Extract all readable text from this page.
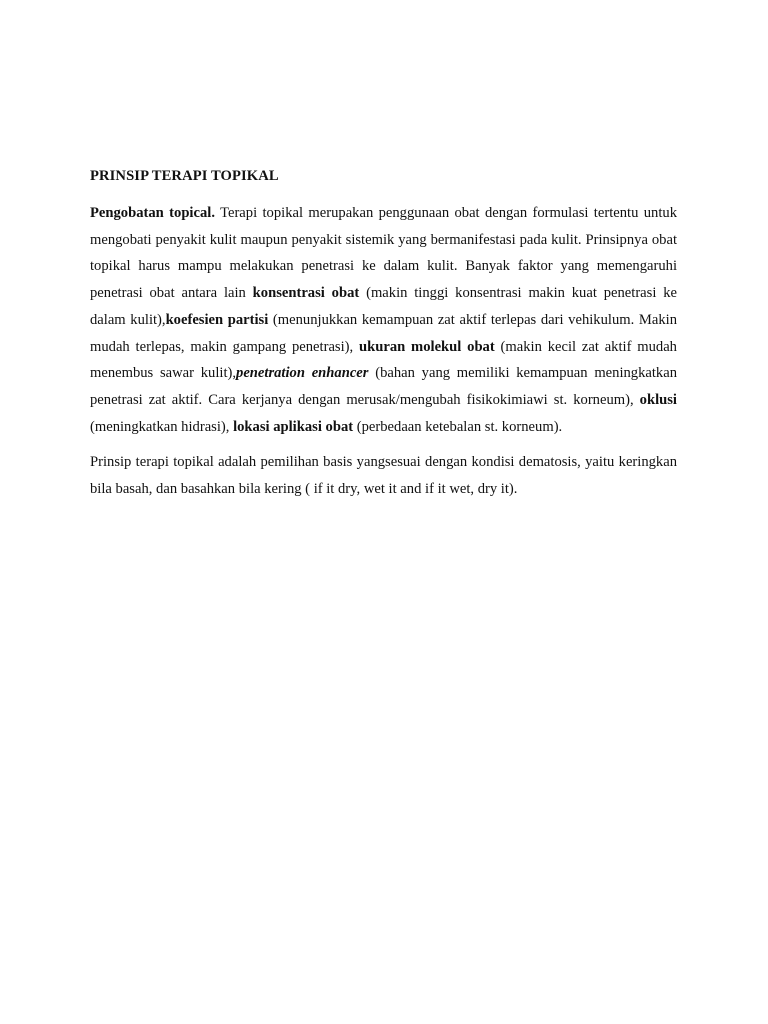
PRINSIP TERAPI TOPIKAL

Pengobatan topical. Terapi topikal merupakan penggunaan obat dengan formulasi tertentu untuk mengobati penyakit kulit maupun penyakit sistemik yang bermanifestasi pada kulit. Prinsipnya obat topikal harus mampu melakukan penetrasi ke dalam kulit. Banyak faktor yang memengaruhi penetrasi obat antara lain konsentrasi obat (makin tinggi konsentrasi makin kuat penetrasi ke dalam kulit),koefesien partisi (menunjukkan kemampuan zat aktif terlepas dari vehikulum. Makin mudah terlepas, makin gampang penetrasi), ukuran molekul obat (makin kecil zat aktif mudah menembus sawar kulit),penetration enhancer (bahan yang memiliki kemampuan meningkatkan penetrasi zat aktif. Cara kerjanya dengan merusak/mengubah fisikokimiawi st. korneum), oklusi (meningkatkan hidrasi), lokasi aplikasi obat (perbedaan ketebalan st. korneum).

Prinsip terapi topikal adalah pemilihan basis yangsesuai dengan kondisi dematosis, yaitu keringkan bila basah, dan basahkan bila kering ( if it dry, wet it and if it wet, dry it).
